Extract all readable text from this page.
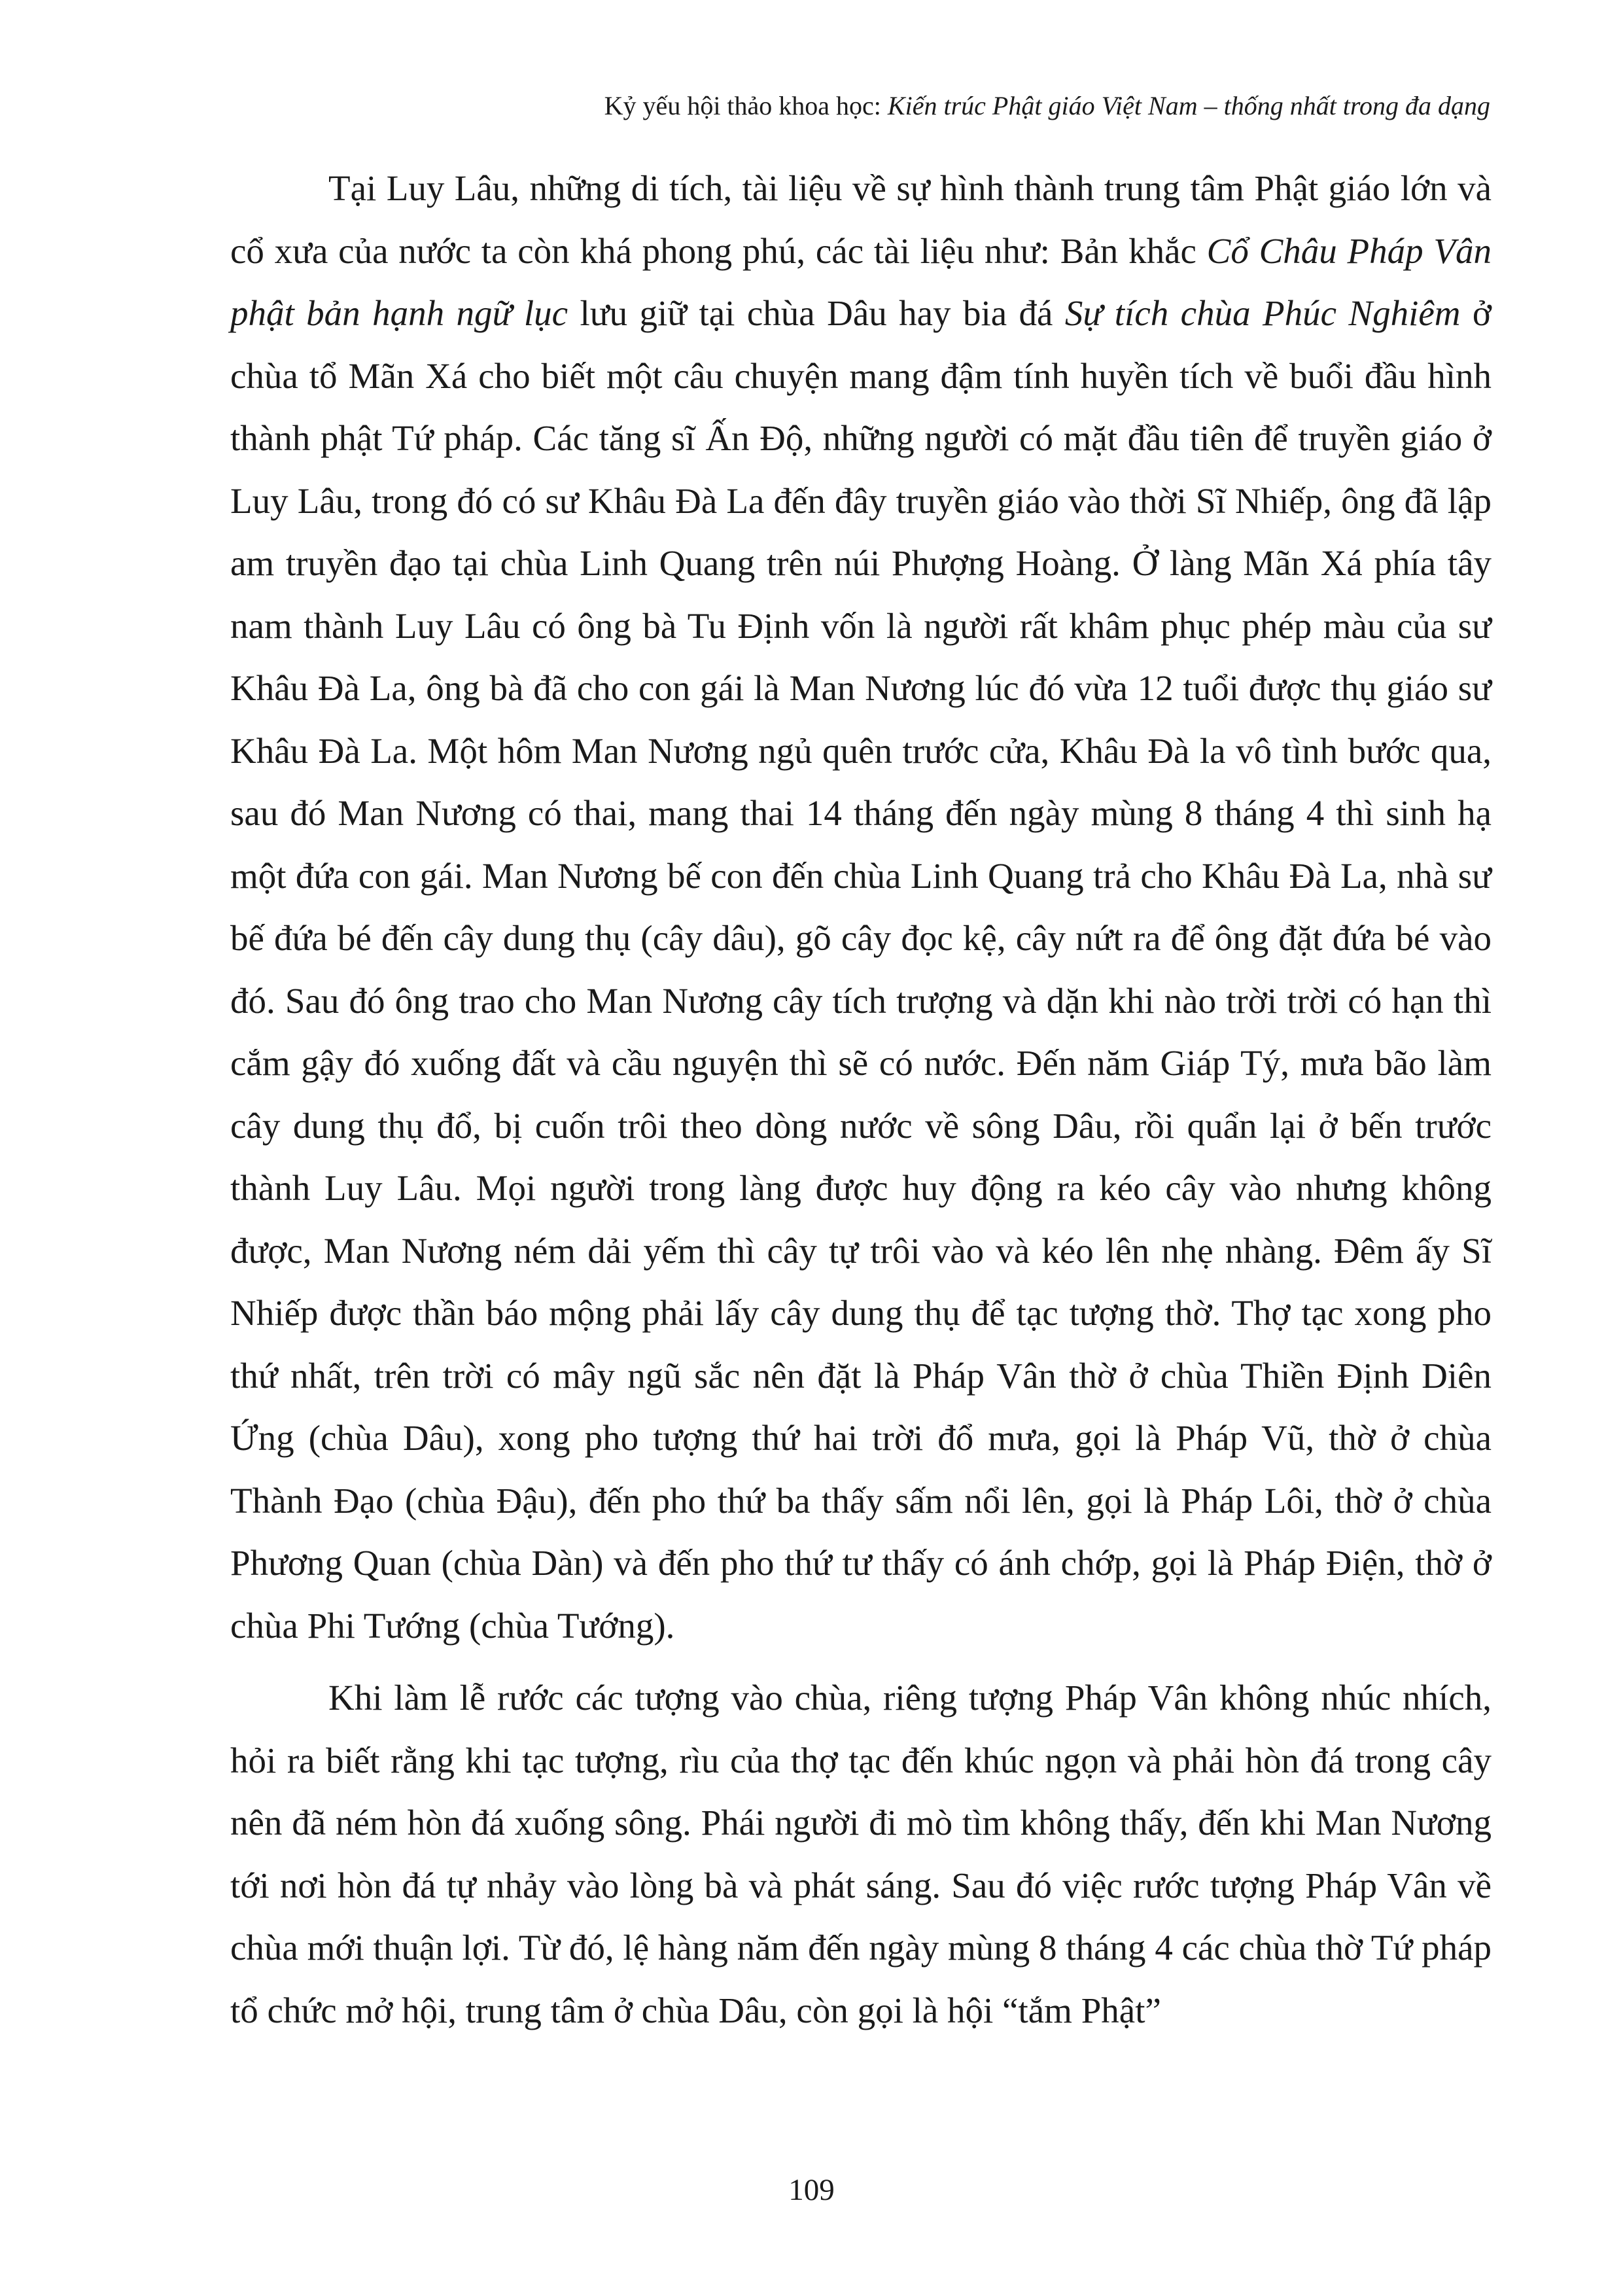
Kỷ yếu hội thảo khoa học: Kiến trúc Phật giáo Việt Nam – thống nhất trong đa dạng

Tại Luy Lâu, những di tích, tài liệu về sự hình thành trung tâm Phật giáo lớn và cổ xưa của nước ta còn khá phong phú, các tài liệu như: Bản khắc Cổ Châu Pháp Vân phật bản hạnh ngữ lục lưu giữ tại chùa Dâu hay bia đá Sự tích chùa Phúc Nghiêm ở chùa tổ Mãn Xá cho biết một câu chuyện mang đậm tính huyền tích về buổi đầu hình thành phật Tứ pháp. Các tăng sĩ Ấn Độ, những người có mặt đầu tiên để truyền giáo ở Luy Lâu, trong đó có sư Khâu Đà La đến đây truyền giáo vào thời Sĩ Nhiếp, ông đã lập am truyền đạo tại chùa Linh Quang trên núi Phượng Hoàng. Ở làng Mãn Xá phía tây nam thành Luy Lâu có ông bà Tu Định vốn là người rất khâm phục phép màu của sư Khâu Đà La, ông bà đã cho con gái là Man Nương lúc đó vừa 12 tuổi được thụ giáo sư Khâu Đà La. Một hôm Man Nương ngủ quên trước cửa, Khâu Đà la vô tình bước qua, sau đó Man Nương có thai, mang thai 14 tháng đến ngày mùng 8 tháng 4 thì sinh hạ một đứa con gái. Man Nương bế con đến chùa Linh Quang trả cho Khâu Đà La, nhà sư bế đứa bé đến cây dung thụ (cây dâu), gõ cây đọc kệ, cây nứt ra để ông đặt đứa bé vào đó. Sau đó ông trao cho Man Nương cây tích trượng và dặn khi nào trời trời có hạn thì cắm gậy đó xuống đất và cầu nguyện thì sẽ có nước. Đến năm Giáp Tý, mưa bão làm cây dung thụ đổ, bị cuốn trôi theo dòng nước về sông Dâu, rồi quẩn lại ở bến trước thành Luy Lâu. Mọi người trong làng được huy động ra kéo cây vào nhưng không được, Man Nương ném dải yếm thì cây tự trôi vào và kéo lên nhẹ nhàng. Đêm ấy Sĩ Nhiếp được thần báo mộng phải lấy cây dung thụ để tạc tượng thờ. Thợ tạc xong pho thứ nhất, trên trời có mây ngũ sắc nên đặt là Pháp Vân thờ ở chùa Thiền Định Diên Ứng (chùa Dâu), xong pho tượng thứ hai trời đổ mưa, gọi là Pháp Vũ, thờ ở chùa Thành Đạo (chùa Đậu), đến pho thứ ba thấy sấm nổi lên, gọi là Pháp Lôi, thờ ở chùa Phương Quan (chùa Dàn) và đến pho thứ tư thấy có ánh chớp, gọi là Pháp Điện, thờ ở chùa Phi Tướng (chùa Tướng).

Khi làm lễ rước các tượng vào chùa, riêng tượng Pháp Vân không nhúc nhích, hỏi ra biết rằng khi tạc tượng, rìu của thợ tạc đến khúc ngọn và phải hòn đá trong cây nên đã ném hòn đá xuống sông. Phái người đi mò tìm không thấy, đến khi Man Nương tới nơi hòn đá tự nhảy vào lòng bà và phát sáng. Sau đó việc rước tượng Pháp Vân về chùa mới thuận lợi. Từ đó, lệ hàng năm đến ngày mùng 8 tháng 4 các chùa thờ Tứ pháp tổ chức mở hội, trung tâm ở chùa Dâu, còn gọi là hội “tắm Phật”

109
